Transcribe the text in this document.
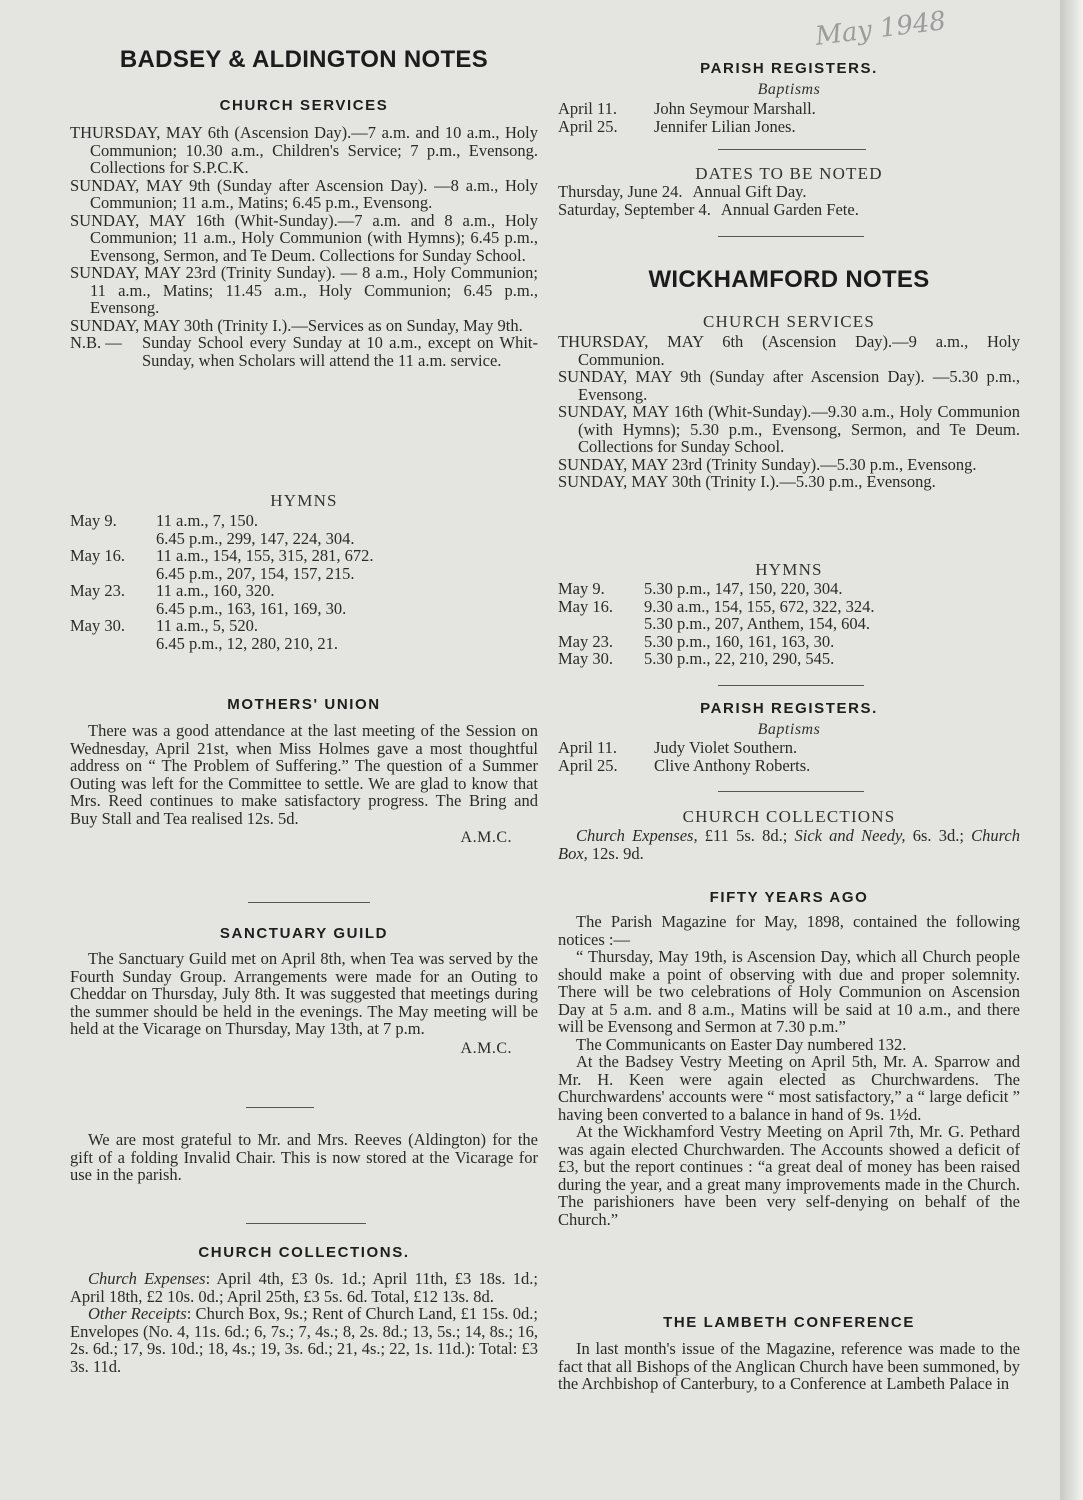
May 1948
BADSEY & ALDINGTON NOTES
CHURCH SERVICES
THURSDAY, MAY 6th (Ascension Day).—7 a.m. and 10 a.m., Holy Communion; 10.30 a.m., Children's Service; 7 p.m., Evensong. Collections for S.P.C.K.
SUNDAY, MAY 9th (Sunday after Ascension Day). —8 a.m., Holy Communion; 11 a.m., Matins; 6.45 p.m., Evensong.
SUNDAY, MAY 16th (Whit-Sunday).—7 a.m. and 8 a.m., Holy Communion; 11 a.m., Holy Communion (with Hymns); 6.45 p.m., Evensong, Sermon, and Te Deum. Collections for Sunday School.
SUNDAY, MAY 23rd (Trinity Sunday). — 8 a.m., Holy Communion; 11 a.m., Matins; 11.45 a.m., Holy Communion; 6.45 p.m., Evensong.
SUNDAY, MAY 30th (Trinity I.).—Services as on Sunday, May 9th.
N.B. —	Sunday School every Sunday at 10 a.m., except on Whit-Sunday, when Scholars will attend the 11 a.m. service.
HYMNS
May 9.	11 a.m., 7, 150.
6.45 p.m., 299, 147, 224, 304.
May 16.	11 a.m., 154, 155, 315, 281, 672.
6.45 p.m., 207, 154, 157, 215.
May 23.	11 a.m., 160, 320.
6.45 p.m., 163, 161, 169, 30.
May 30.	11 a.m., 5, 520.
6.45 p.m., 12, 280, 210, 21.
MOTHERS' UNION
There was a good attendance at the last meeting of the Session on Wednesday, April 21st, when Miss Holmes gave a most thoughtful address on “ The Problem of Suffering.” The question of a Summer Outing was left for the Committee to settle. We are glad to know that Mrs. Reed continues to make satisfactory progress. The Bring and Buy Stall and Tea realised 12s. 5d.
A.M.C.
SANCTUARY GUILD
The Sanctuary Guild met on April 8th, when Tea was served by the Fourth Sunday Group. Arrangements were made for an Outing to Cheddar on Thursday, July 8th. It was suggested that meetings during the summer should be held in the evenings. The May meeting will be held at the Vicarage on Thursday, May 13th, at 7 p.m.
A.M.C.
We are most grateful to Mr. and Mrs. Reeves (Aldington) for the gift of a folding Invalid Chair. This is now stored at the Vicarage for use in the parish.
CHURCH COLLECTIONS.
Church Expenses: April 4th, £3 0s. 1d.; April 11th, £3 18s. 1d.; April 18th, £2 10s. 0d.; April 25th, £3 5s. 6d. Total, £12 13s. 8d.
Other Receipts: Church Box, 9s.; Rent of Church Land, £1 15s. 0d.; Envelopes (No. 4, 11s. 6d.; 6, 7s.; 7, 4s.; 8, 2s. 8d.; 13, 5s.; 14, 8s.; 16, 2s. 6d.; 17, 9s. 10d.; 18, 4s.; 19, 3s. 6d.; 21, 4s.; 22, 1s. 11d.): Total: £3 3s. 11d.
PARISH REGISTERS.
Baptisms
April 11.	John Seymour Marshall.
April 25.	Jennifer Lilian Jones.
DATES TO BE NOTED
Thursday, June 24. Annual Gift Day.
Saturday, September 4. Annual Garden Fete.
WICKHAMFORD NOTES
CHURCH SERVICES
THURSDAY, MAY 6th (Ascension Day).—9 a.m., Holy Communion.
SUNDAY, MAY 9th (Sunday after Ascension Day). —5.30 p.m., Evensong.
SUNDAY, MAY 16th (Whit-Sunday).—9.30 a.m., Holy Communion (with Hymns); 5.30 p.m., Evensong, Sermon, and Te Deum. Collections for Sunday School.
SUNDAY, MAY 23rd (Trinity Sunday).—5.30 p.m., Evensong.
SUNDAY, MAY 30th (Trinity I.).—5.30 p.m., Evensong.
HYMNS
May 9.	5.30 p.m., 147, 150, 220, 304.
May 16.	9.30 a.m., 154, 155, 672, 322, 324.
5.30 p.m., 207, Anthem, 154, 604.
May 23.	5.30 p.m., 160, 161, 163, 30.
May 30.	5.30 p.m., 22, 210, 290, 545.
PARISH REGISTERS.
Baptisms
April 11.	Judy Violet Southern.
April 25.	Clive Anthony Roberts.
CHURCH COLLECTIONS
Church Expenses, £11 5s. 8d.; Sick and Needy, 6s. 3d.; Church Box, 12s. 9d.
FIFTY YEARS AGO
The Parish Magazine for May, 1898, contained the following notices :—
“ Thursday, May 19th, is Ascension Day, which all Church people should make a point of observing with due and proper solemnity. There will be two celebrations of Holy Communion on Ascension Day at 5 a.m. and 8 a.m., Matins will be said at 10 a.m., and there will be Evensong and Sermon at 7.30 p.m.”
The Communicants on Easter Day numbered 132.
At the Badsey Vestry Meeting on April 5th, Mr. A. Sparrow and Mr. H. Keen were again elected as Churchwardens. The Churchwardens' accounts were “ most satisfactory,” a “ large deficit ” having been converted to a balance in hand of 9s. 1½d.
At the Wickhamford Vestry Meeting on April 7th, Mr. G. Pethard was again elected Churchwarden. The Accounts showed a deficit of £3, but the report continues : “a great deal of money has been raised during the year, and a great many improvements made in the Church. The parishioners have been very self-denying on behalf of the Church.”
THE LAMBETH CONFERENCE
In last month's issue of the Magazine, reference was made to the fact that all Bishops of the Anglican Church have been summoned, by the Archbishop of Canterbury, to a Conference at Lambeth Palace in
